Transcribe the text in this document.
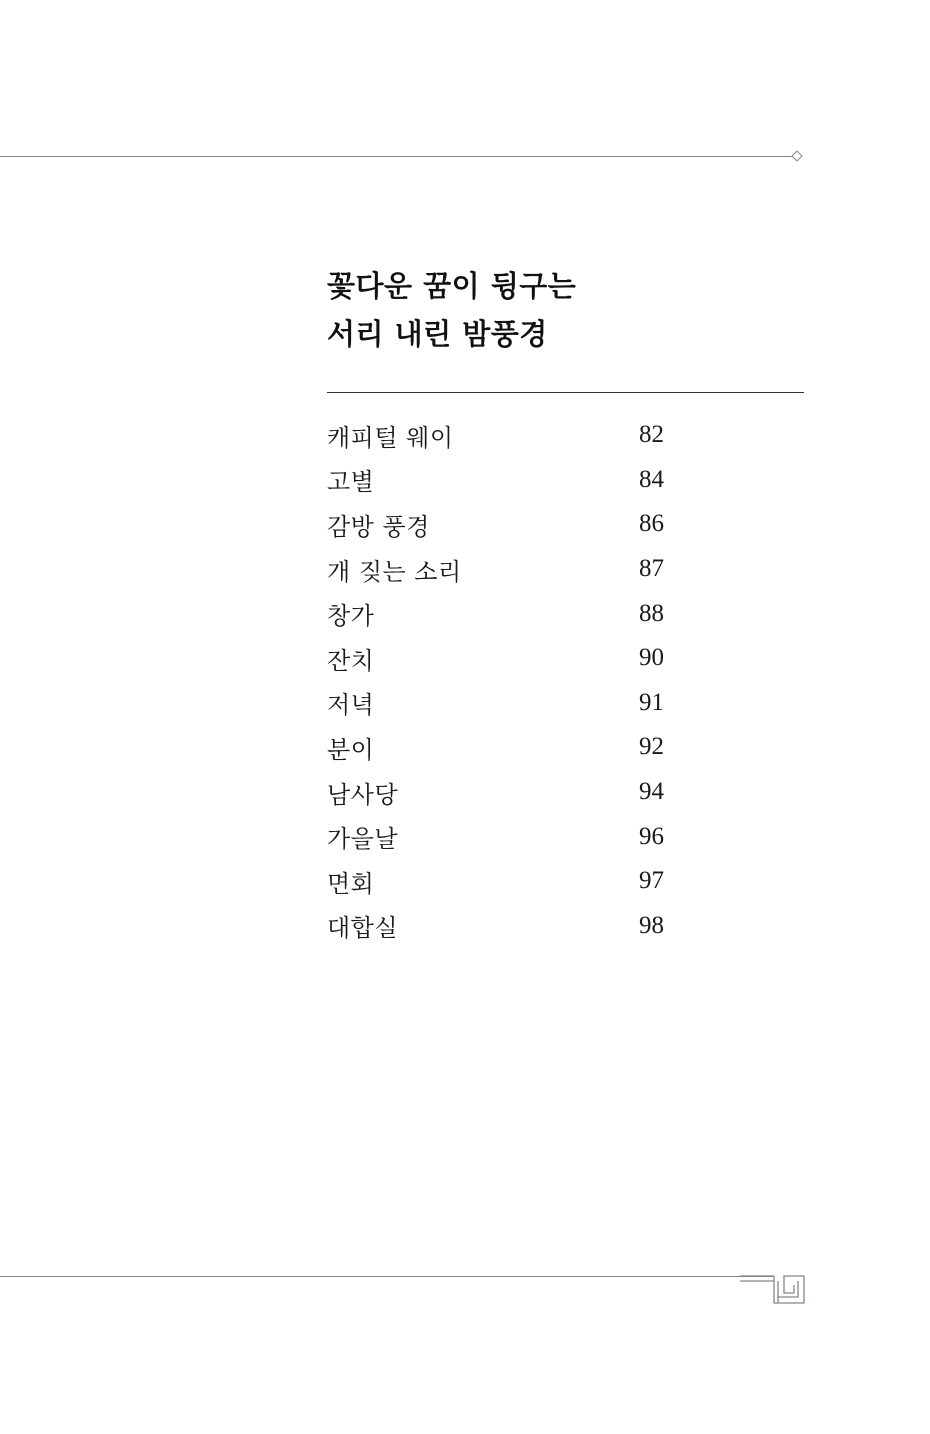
꽃다운 꿈이 뒹구는
서리 내린 밤풍경
캐피털 웨이	82
고별	84
감방 풍경	86
개 짖는 소리	87
창가	88
잔치	90
저녁	91
분이	92
남사당	94
가을날	96
면회	97
대합실	98
